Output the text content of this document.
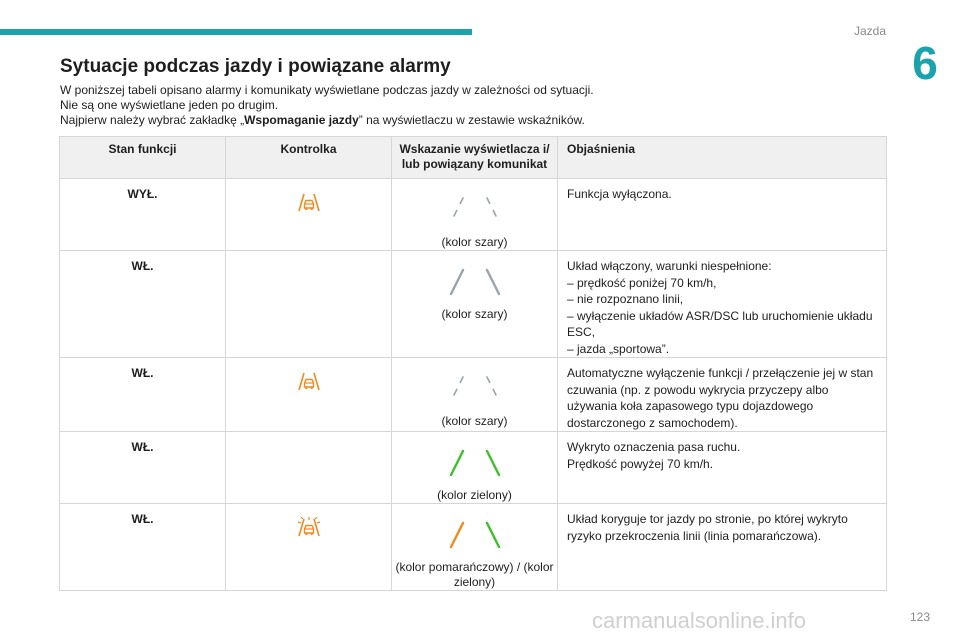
Jazda
6
Sytuacje podczas jazdy i powiązane alarmy

W poniższej tabeli opisano alarmy i komunikaty wyświetlane podczas jazdy w zależności od sytuacji.

Nie są one wyświetlane jeden po drugim.

Najpierw należy wybrać zakładkę „Wspomaganie jazdy” na wyświetlaczu w zestawie wskaźników.

Stan funkcji	Kontrolka	Wskazanie wyświetlacza i/ lub powiązany komunikat	Objaśnienia
WYŁ.		(kolor szary)	Funkcja wyłączona.

WŁ.		(kolor szary)	Układ włączony, warunki niespełnione:
– prędkość poniżej 70 km/h,
– nie rozpoznano linii,
– wyłączenie układów ASR/DSC lub uruchomienie układu ESC,
– jazda „sportowa”.

WŁ.		(kolor szary)	Automatyczne wyłączenie funkcji / przełączenie jej w stan czuwania (np. z powodu wykrycia przyczepy albo używania koła zapasowego typu dojazdowego dostarczonego z samochodem).

WŁ.		(kolor zielony)	Wykryto oznaczenia pasa ruchu.
Prędkość powyżej 70 km/h.

WŁ.		(kolor pomarańczowy) / (kolor zielony)	Układ koryguje tor jazdy po stronie, po której wykryto ryzyko przekroczenia linii (linia pomarańczowa).
123
carmanualsonline.info
